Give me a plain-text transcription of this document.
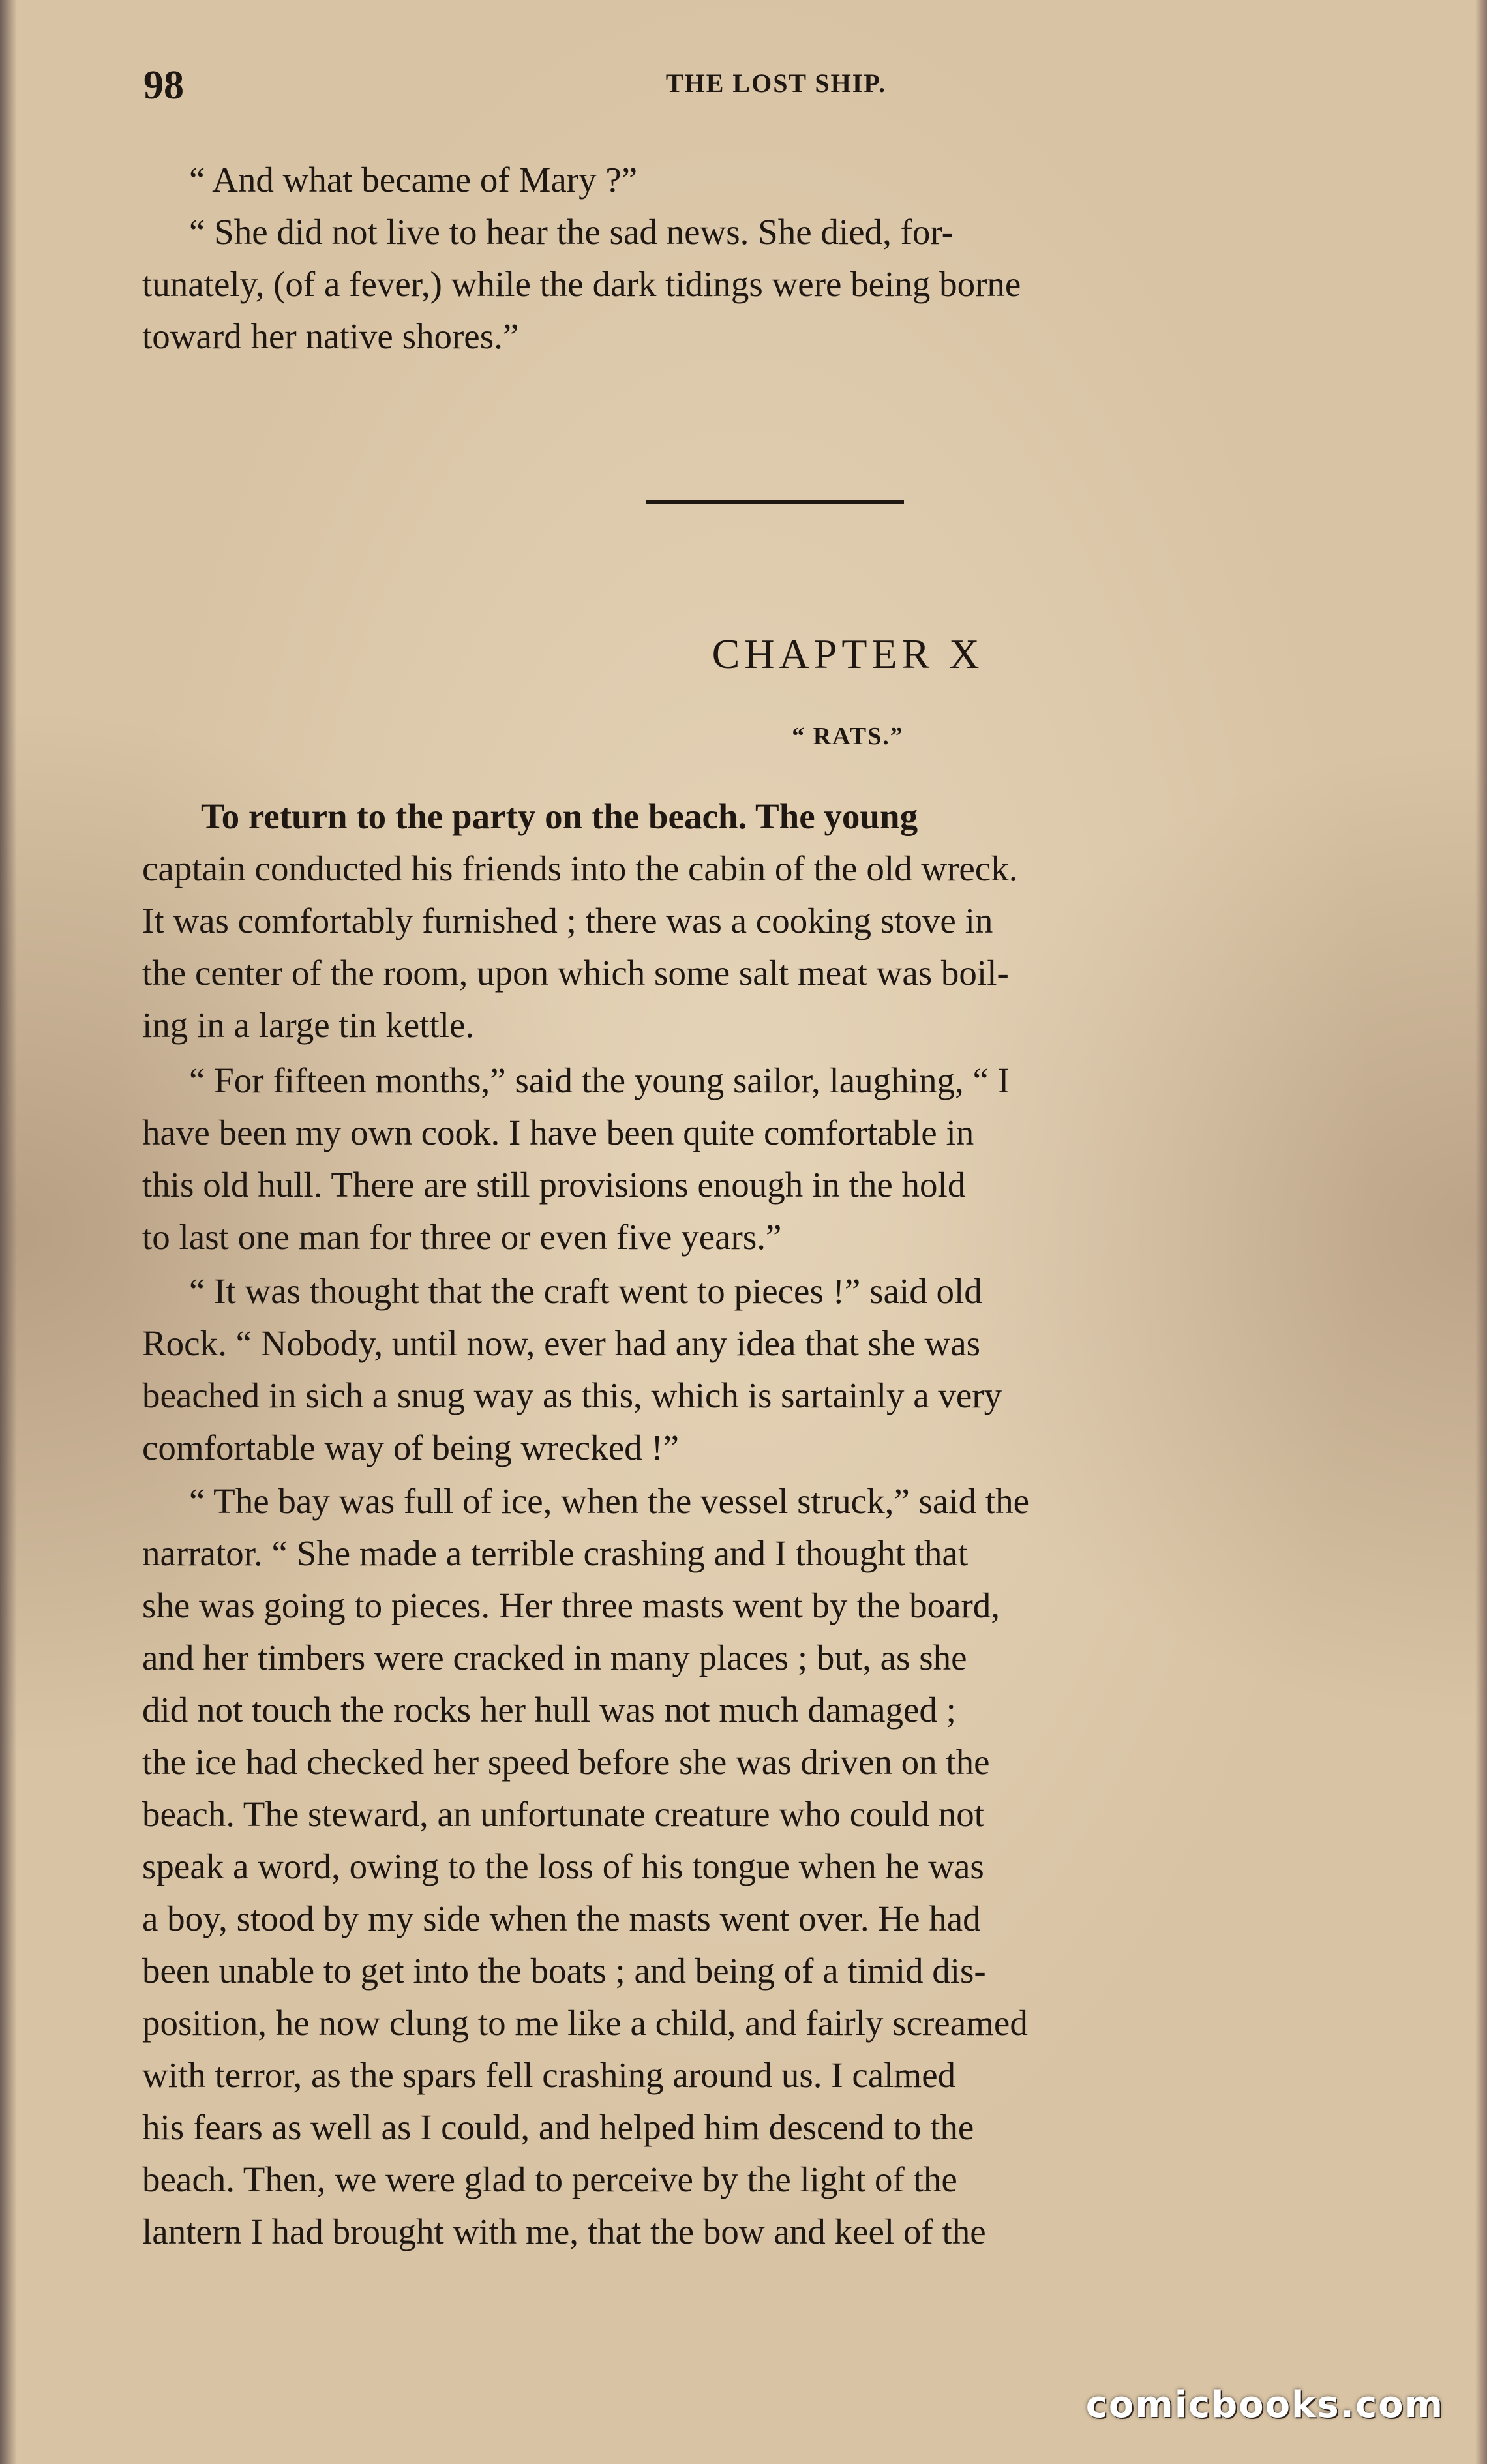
98	THE LOST SHIP.
“ And what became of Mary ?”
“ She did not live to hear the sad news. She died, for-
tunately, (of a fever,) while the dark tidings were being borne
toward her native shores.”
CHAPTER X
“ RATS.”
To return to the party on the beach. The young
captain conducted his friends into the cabin of the old wreck.
It was comfortably furnished ; there was a cooking stove in
the center of the room, upon which some salt meat was boil-
ing in a large tin kettle.
“ For fifteen months,” said the young sailor, laughing, “ I
have been my own cook. I have been quite comfortable in
this old hull. There are still provisions enough in the hold
to last one man for three or even five years.”
“ It was thought that the craft went to pieces !” said old
Rock. “ Nobody, until now, ever had any idea that she was
beached in sich a snug way as this, which is sartainly a very
comfortable way of being wrecked !”
“ The bay was full of ice, when the vessel struck,” said the
narrator. “ She made a terrible crashing and I thought that
she was going to pieces. Her three masts went by the board,
and her timbers were cracked in many places ; but, as she
did not touch the rocks her hull was not much damaged ;
the ice had checked her speed before she was driven on the
beach. The steward, an unfortunate creature who could not
speak a word, owing to the loss of his tongue when he was
a boy, stood by my side when the masts went over. He had
been unable to get into the boats ; and being of a timid dis-
position, he now clung to me like a child, and fairly screamed
with terror, as the spars fell crashing around us. I calmed
his fears as well as I could, and helped him descend to the
beach. Then, we were glad to perceive by the light of the
lantern I had brought with me, that the bow and keel of the
comicbooks.com
